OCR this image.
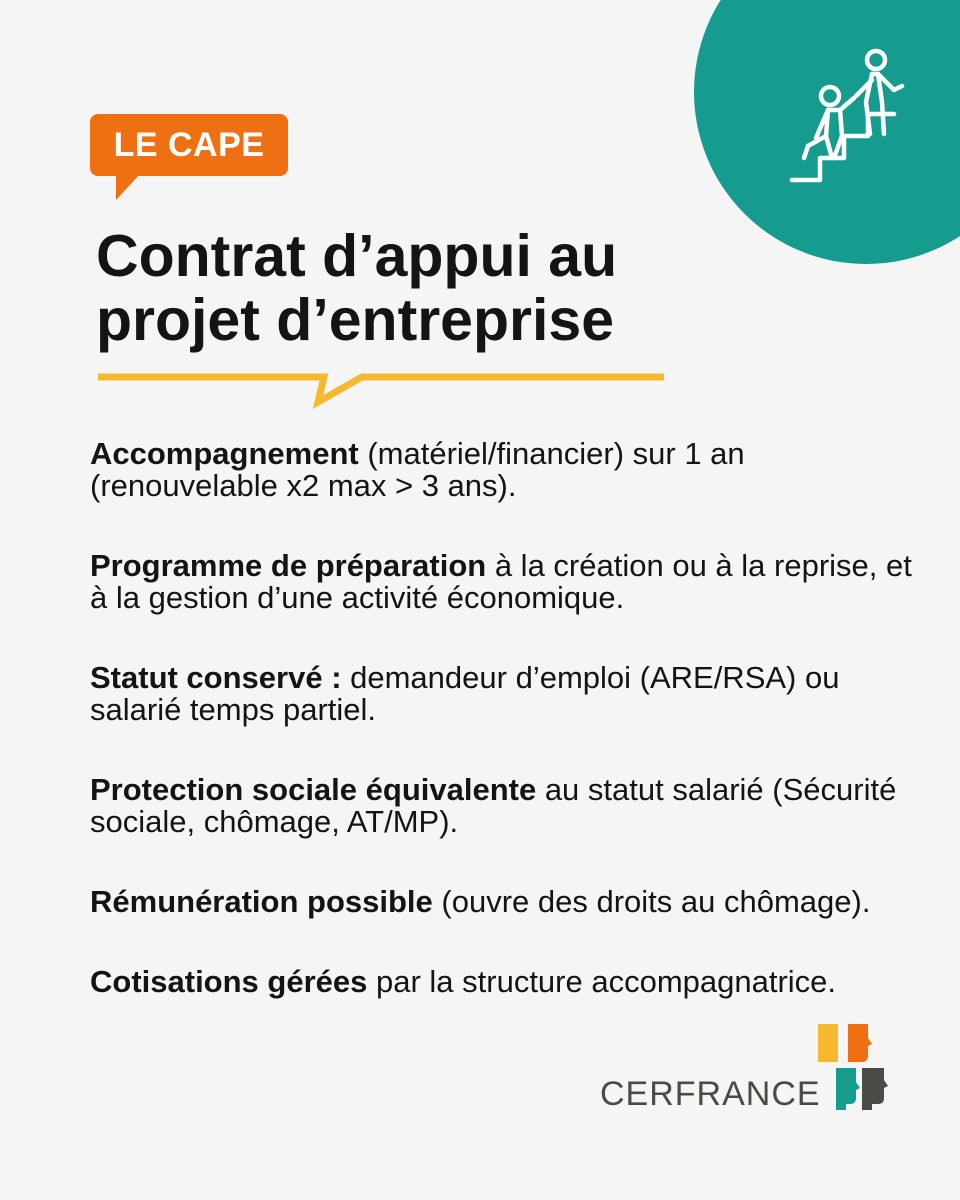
LE CAPE
Contrat d’appui au
projet d’entreprise

Accompagnement (matériel/financier) sur 1 an (renouvelable x2 max > 3 ans).

Programme de préparation à la création ou à la reprise, et à la gestion d’une activité économique.

Statut conservé : demandeur d’emploi (ARE/RSA) ou salarié temps partiel.

Protection sociale équivalente au statut salarié (Sécurité sociale, chômage, AT/MP).

Rémunération possible (ouvre des droits au chômage).

Cotisations gérées par la structure accompagnatrice.

CERFRANCE
